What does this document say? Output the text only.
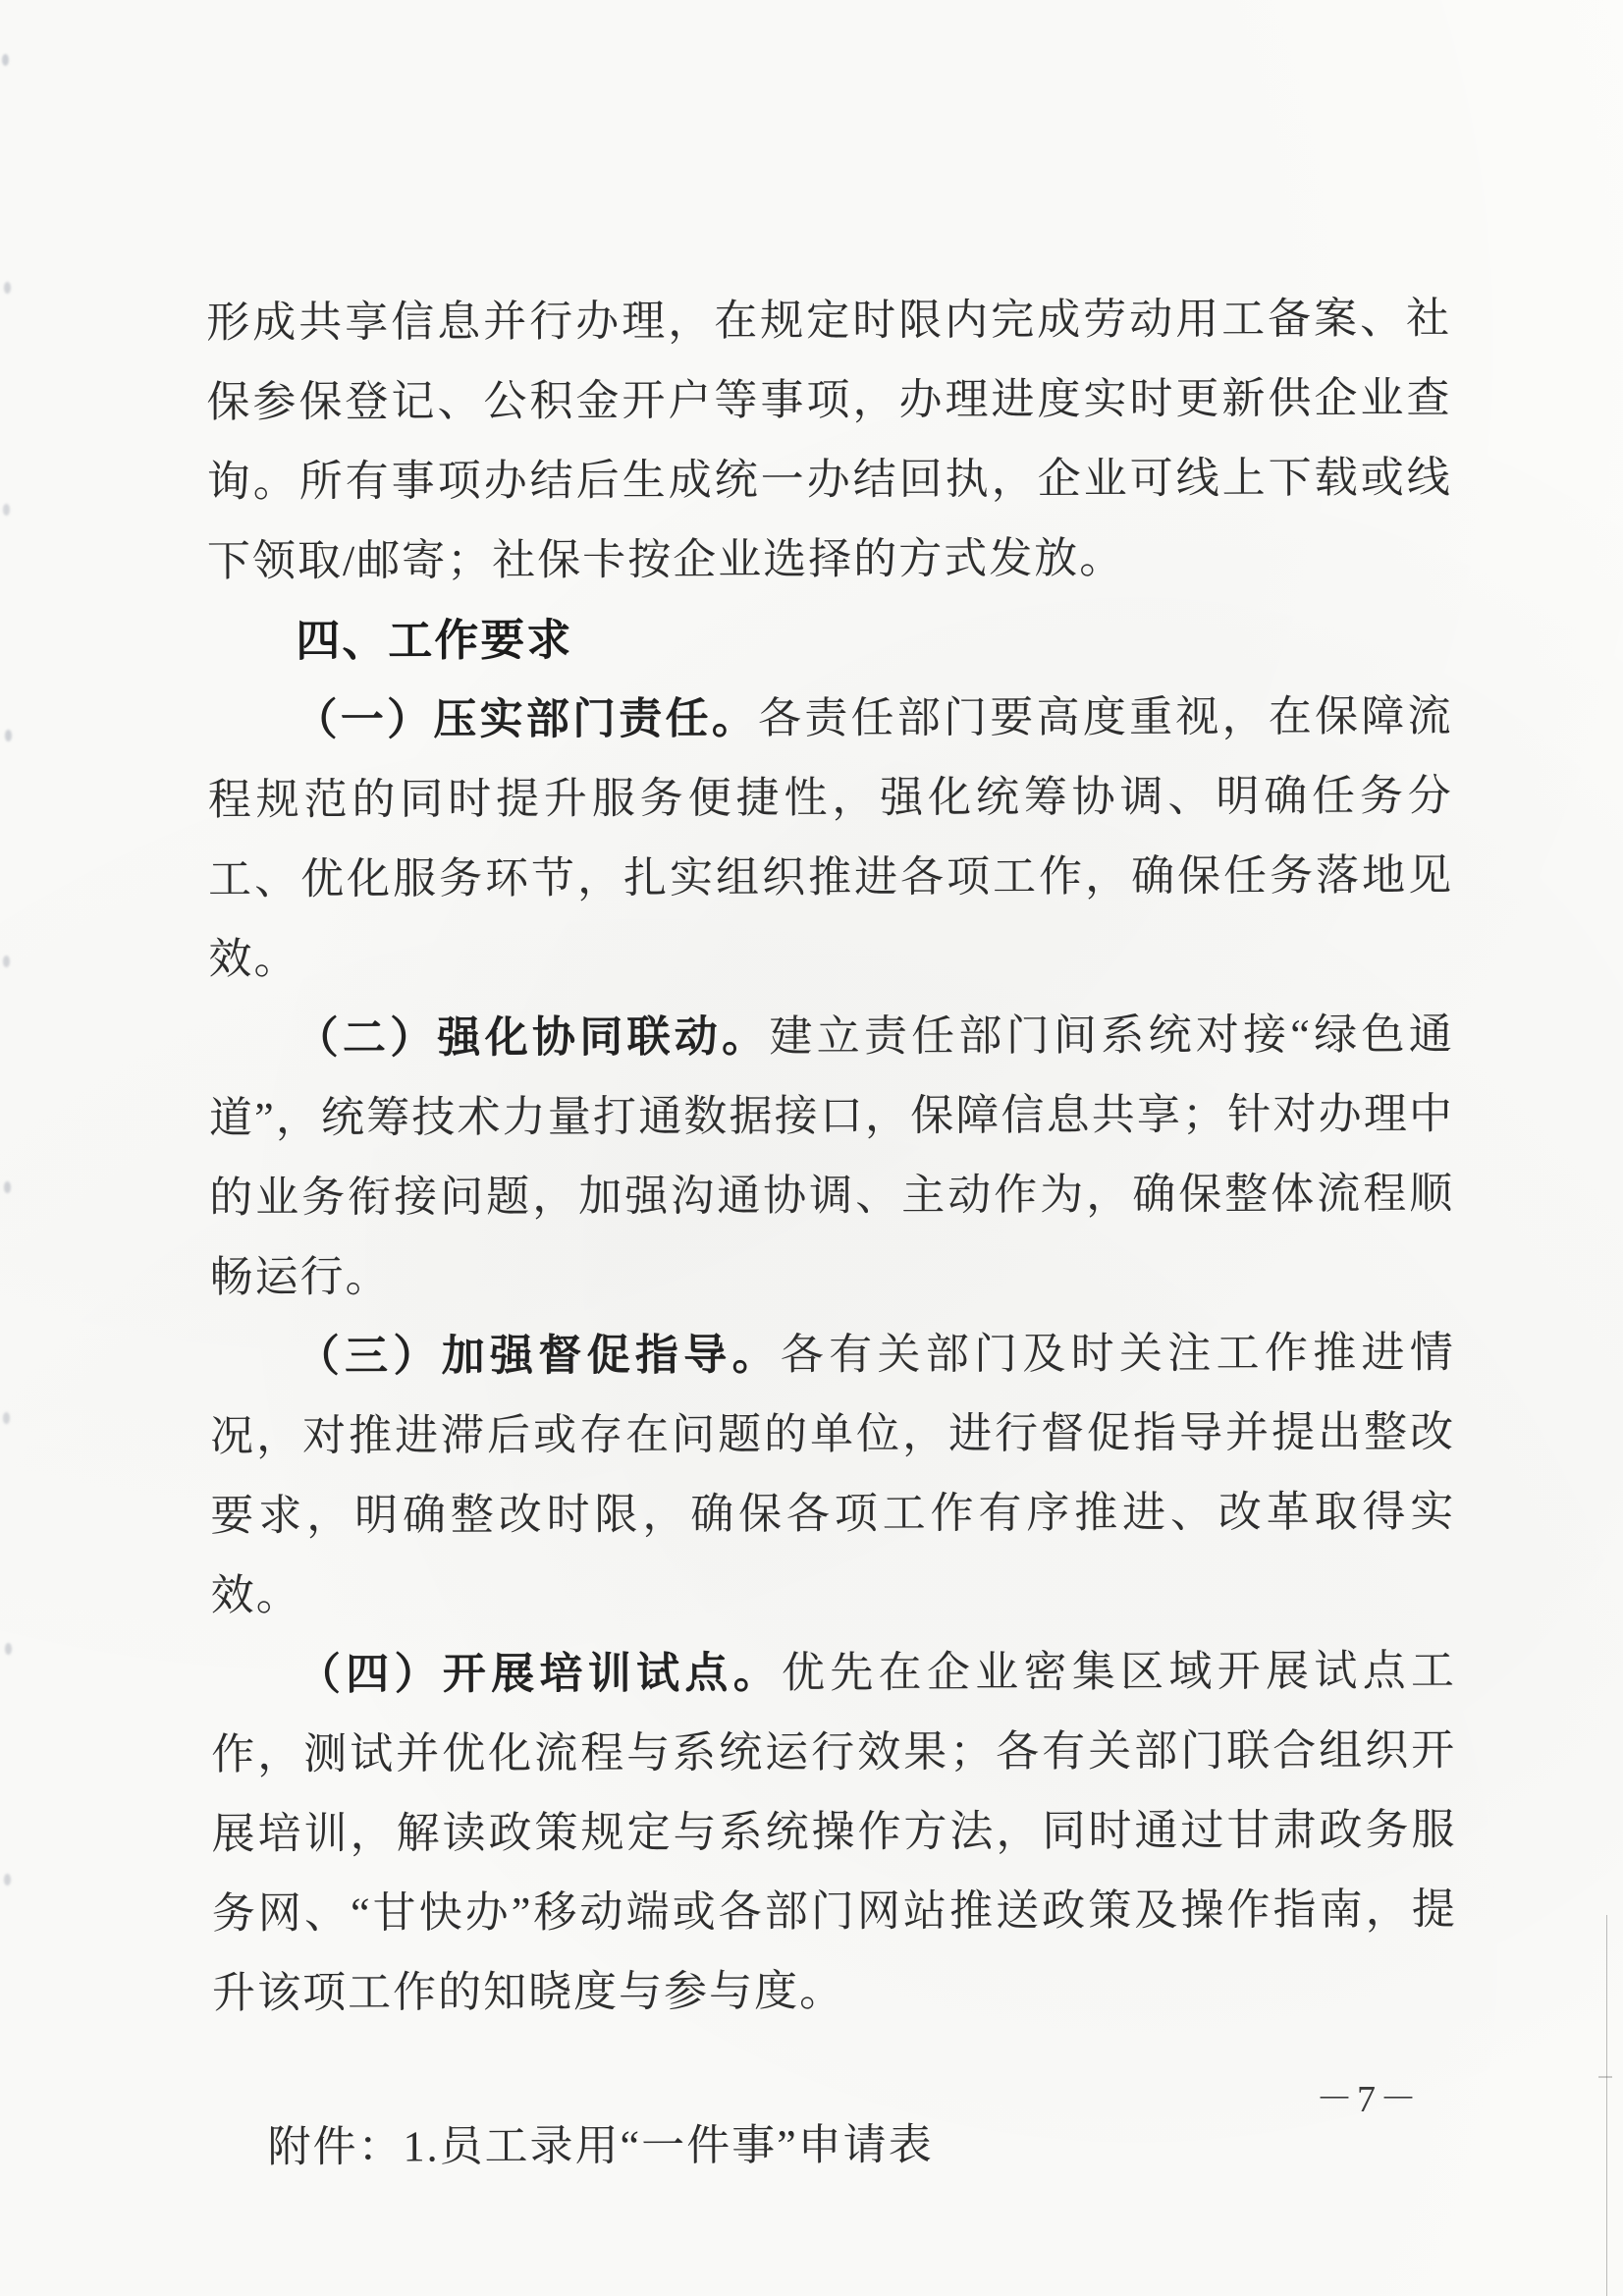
形成共享信息并行办理，在规定时限内完成劳动用工备案、社保参保登记、公积金开户等事项，办理进度实时更新供企业查询。所有事项办结后生成统一办结回执，企业可线上下载或线下领取/邮寄；社保卡按企业选择的方式发放。

四、工作要求

（一）压实部门责任。各责任部门要高度重视，在保障流程规范的同时提升服务便捷性，强化统筹协调、明确任务分工、优化服务环节，扎实组织推进各项工作，确保任务落地见效。

（二）强化协同联动。建立责任部门间系统对接“绿色通道”，统筹技术力量打通数据接口，保障信息共享；针对办理中的业务衔接问题，加强沟通协调、主动作为，确保整体流程顺畅运行。

（三）加强督促指导。各有关部门及时关注工作推进情况，对推进滞后或存在问题的单位，进行督促指导并提出整改要求，明确整改时限，确保各项工作有序推进、改革取得实效。

（四）开展培训试点。优先在企业密集区域开展试点工作，测试并优化流程与系统运行效果；各有关部门联合组织开展培训，解读政策规定与系统操作方法，同时通过甘肃政务服务网、“甘快办”移动端或各部门网站推送政策及操作指南，提升该项工作的知晓度与参与度。

附件：1.员工录用“一件事”申请表

－7－
